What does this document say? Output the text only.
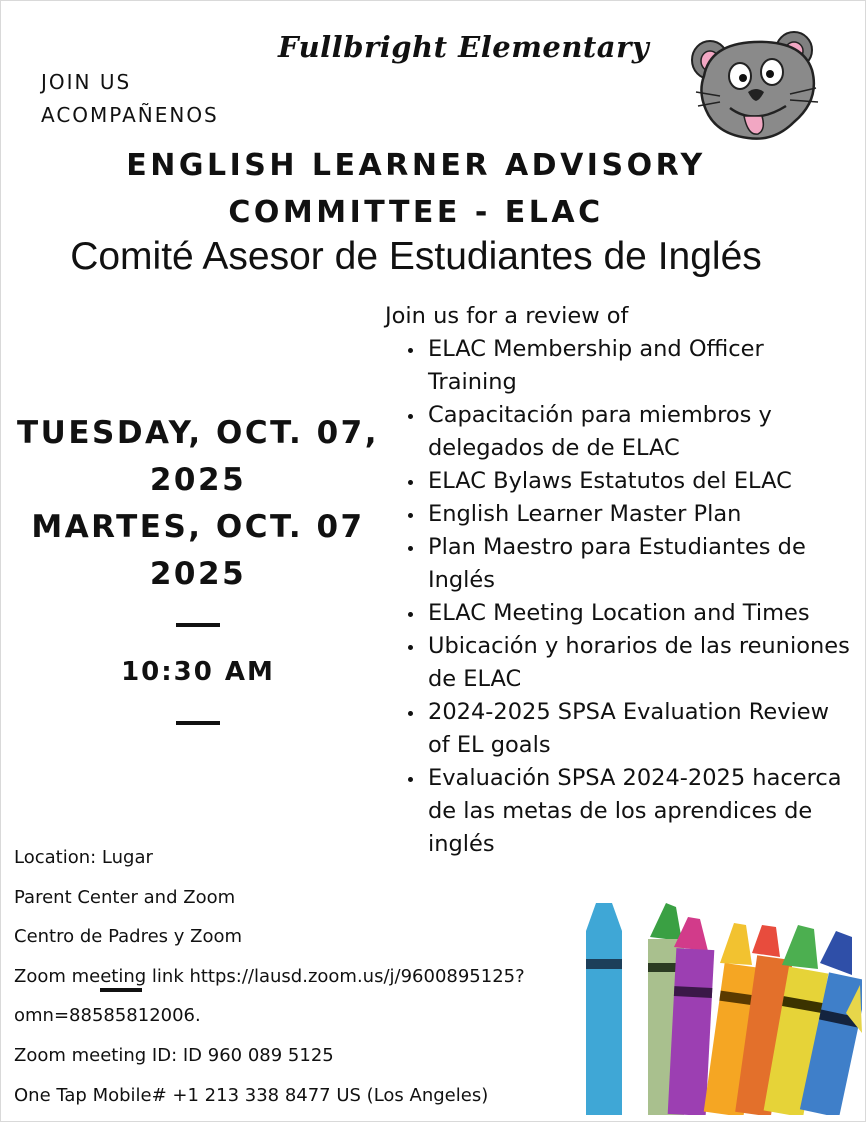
Fullbright Elementary
JOIN US
ACOMPAÑENOS
ENGLISH LEARNER ADVISORY
COMMITTEE - ELAC
Comité Asesor de Estudiantes de Inglés
TUESDAY, OCT. 07,
2025
MARTES, OCT. 07
2025
10:30 AM
Join us for a review of
ELAC Membership and Officer Training
Capacitación para miembros y delegados de de ELAC
ELAC Bylaws Estatutos del ELAC
English Learner Master Plan
Plan Maestro para Estudiantes de Inglés
ELAC Meeting Location and Times
Ubicación y horarios de las reuniones de ELAC
2024-2025 SPSA Evaluation Review of EL goals
Evaluación SPSA 2024-2025 hacerca de las metas de los aprendices de inglés
Location: Lugar
Parent Center and Zoom
Centro de Padres y Zoom
Zoom meeting link https://lausd.zoom.us/j/9600895125?
omn=88585812006.
Zoom meeting ID: ID 960 089 5125
One Tap Mobile# +1 213 338 8477 US (Los Angeles)
